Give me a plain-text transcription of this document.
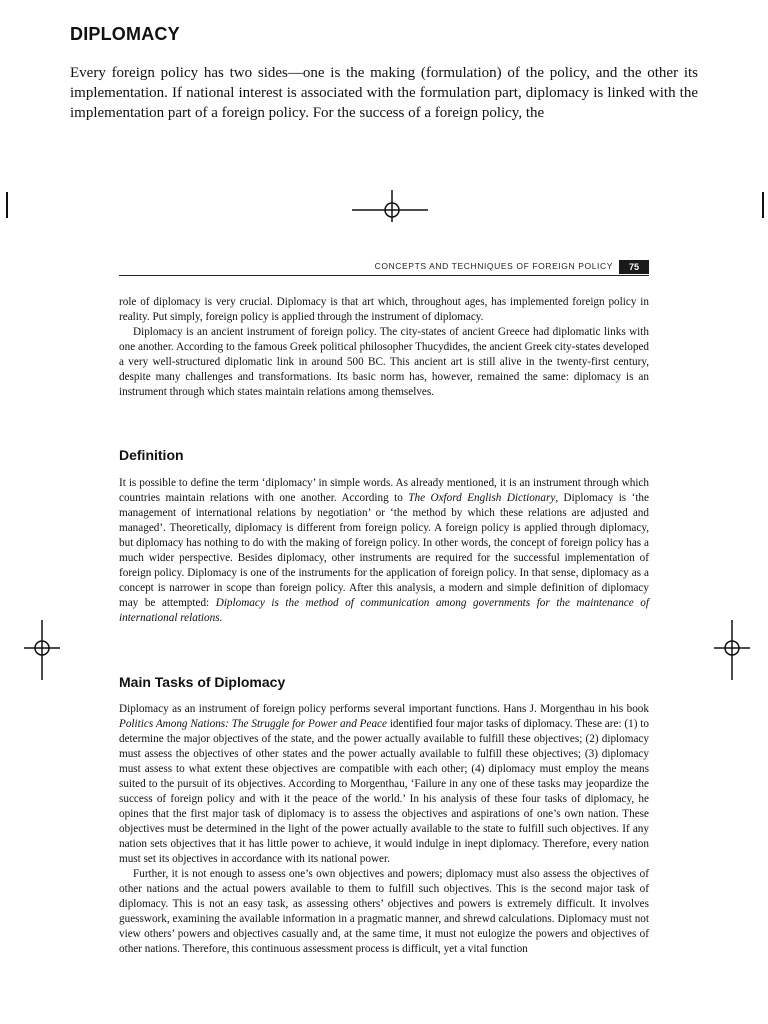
DIPLOMACY

Every foreign policy has two sides—one is the making (formulation) of the policy, and the other its implementation. If national interest is associated with the formulation part, diplomacy is linked with the implementation part of a foreign policy. For the success of a foreign policy, the

CONCEPTS AND TECHNIQUES OF FOREIGN POLICY	75

role of diplomacy is very crucial. Diplomacy is that art which, throughout ages, has implemented foreign policy in reality. Put simply, foreign policy is applied through the instrument of diplomacy.

Diplomacy is an ancient instrument of foreign policy. The city-states of ancient Greece had diplomatic links with one another. According to the famous Greek political philosopher Thucydides, the ancient Greek city-states developed a very well-structured diplomatic link in around 500 BC. This ancient art is still alive in the twenty-first century, despite many challenges and transformations. Its basic norm has, however, remained the same: diplomacy is an instrument through which states maintain relations among themselves.

Definition

It is possible to define the term ‘diplomacy’ in simple words. As already mentioned, it is an instrument through which countries maintain relations with one another. According to The Oxford English Dictionary, Diplomacy is ‘the management of international relations by negotiation’ or ‘the method by which these relations are adjusted and managed’. Theoretically, diplomacy is different from foreign policy. A foreign policy is applied through diplomacy, but diplomacy has nothing to do with the making of foreign policy. In other words, the concept of foreign policy has a much wider perspective. Besides diplomacy, other instruments are required for the successful implementation of foreign policy. Diplomacy is one of the instruments for the application of foreign policy. In that sense, diplomacy as a concept is narrower in scope than foreign policy. After this analysis, a modern and simple definition of diplomacy may be attempted: Diplomacy is the method of communication among governments for the maintenance of international relations.

Main Tasks of Diplomacy

Diplomacy as an instrument of foreign policy performs several important functions. Hans J. Morgenthau in his book Politics Among Nations: The Struggle for Power and Peace identified four major tasks of diplomacy. These are: (1) to determine the major objectives of the state, and the power actually available to fulfill these objectives; (2) diplomacy must assess the objectives of other states and the power actually available to fulfill these objectives; (3) diplomacy must assess to what extent these objectives are compatible with each other; (4) diplomacy must employ the means suited to the pursuit of its objectives. According to Morgenthau, ‘Failure in any one of these tasks may jeopardize the success of foreign policy and with it the peace of the world.’ In his analysis of these four tasks of diplomacy, he opines that the first major task of diplomacy is to assess the objectives and aspirations of one’s own nation. These objectives must be determined in the light of the power actually available to the state to fulfill such objectives. If any nation sets objectives that it has little power to achieve, it would indulge in inept diplomacy. Therefore, every nation must set its objectives in accordance with its national power.

Further, it is not enough to assess one’s own objectives and powers; diplomacy must also assess the objectives of other nations and the actual powers available to them to fulfill such objectives. This is the second major task of diplomacy. This is not an easy task, as assessing others’ objectives and powers is extremely difficult. It involves guesswork, examining the available information in a pragmatic manner, and shrewd calculations. Diplomacy must not view others’ powers and objectives casually and, at the same time, it must not eulogize the powers and objectives of other nations. Therefore, this continuous assessment process is difficult, yet a vital function
